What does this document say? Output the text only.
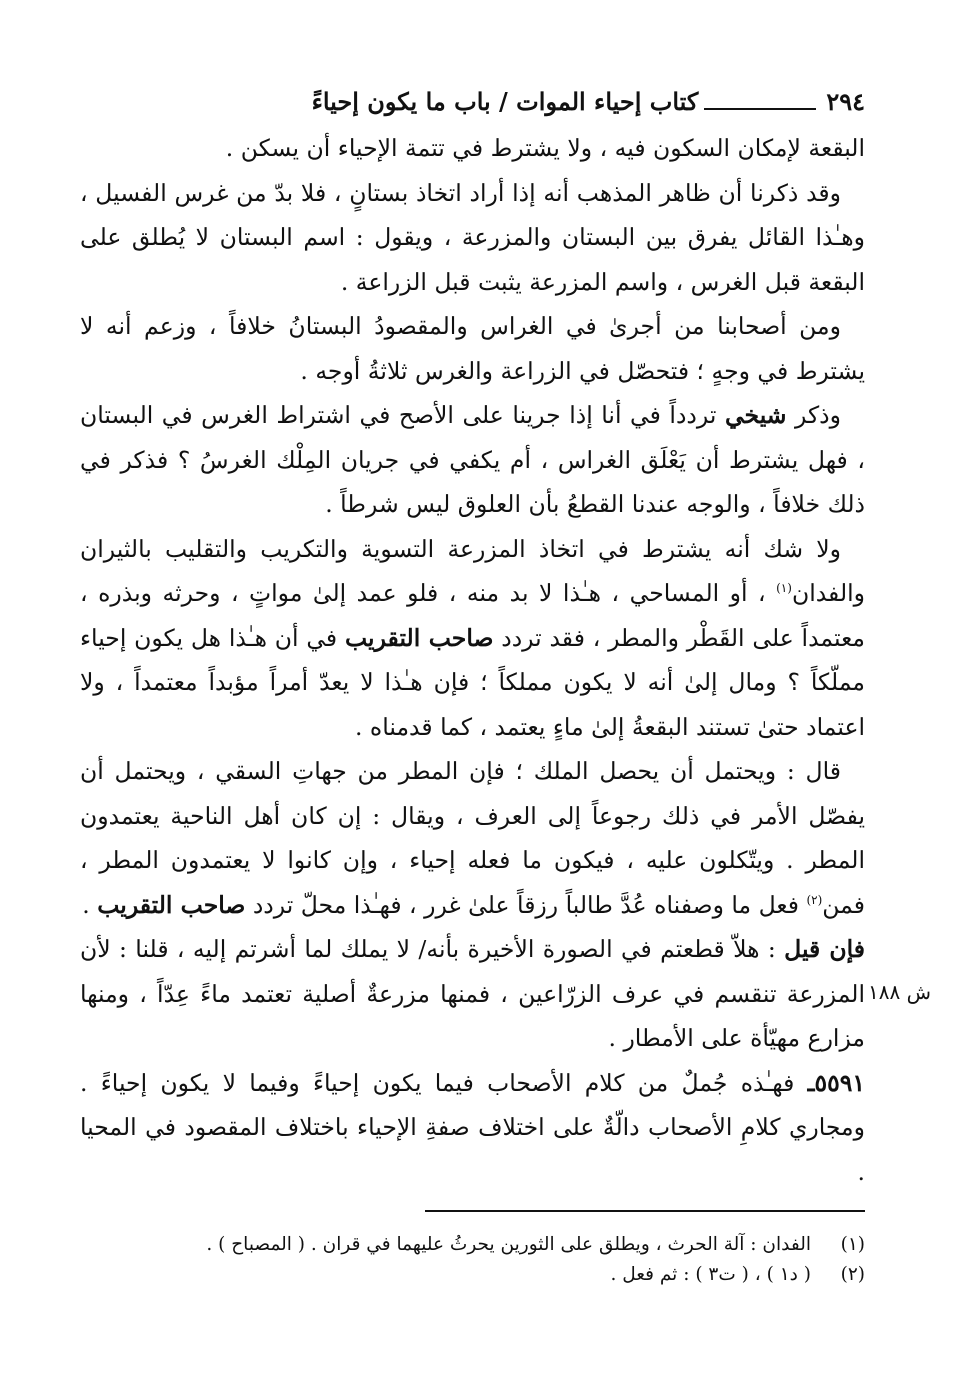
٢٩٤
كتاب إحياء الموات / باب ما يكون إحياءً

البقعة لإمكان السكون فيه ، ولا يشترط في تتمة الإحياء أن يسكن .

وقد ذكرنا أن ظاهر المذهب أنه إذا أراد اتخاذ بستانٍ ، فلا بدّ من غرس الفسيل ، وهـٰذا القائل يفرق بين البستان والمزرعة ، ويقول : اسم البستان لا يُطلق على البقعة قبل الغرس ، واسم المزرعة يثبت قبل الزراعة .

ومن أصحابنا من أجرىٰ في الغراس والمقصودُ البستانُ خلافاً ، وزعم أنه لا يشترط في وجهٍ ؛ فتحصّل في الزراعة والغرس ثلاثةُ أوجه .

وذكر شيخي تردداً في أنا إذا جرينا على الأصح في اشتراط الغرس في البستان ، فهل يشترط أن يَعْلَق الغراس ، أم يكفي في جريان المِلْك الغرسُ ؟ فذكر في ذلك خلافاً ، والوجه عندنا القطعُ بأن العلوق ليس شرطاً .

ولا شك أنه يشترط في اتخاذ المزرعة التسوية والتكريب والتقليب بالثيران والفدان$^{(١)}$ ، أو المساحي ، هـٰذا لا بد منه ، فلو عمد إلىٰ مواتٍ ، وحرثه وبذره ، معتمداً على القَطْر والمطر ، فقد تردد صاحب التقريب في أن هـٰذا هل يكون إحياء مملّكاً ؟ ومال إلىٰ أنه لا يكون مملكاً ؛ فإن هـٰذا لا يعدّ أمراً مؤبداً معتمداً ، ولا اعتماد حتىٰ تستند البقعةُ إلىٰ ماءٍ يعتمد ، كما قدمناه .

قال : ويحتمل أن يحصل الملك ؛ فإن المطر من جهاتِ السقي ، ويحتمل أن يفصّل الأمر في ذلك رجوعاً إلى العرف ، ويقال : إن كان أهل الناحية يعتمدون المطر . ويتّكلون عليه ، فيكون ما فعله إحياء ، وإن كانوا لا يعتمدون المطر ، فمن$^{(٢)}$ فعل ما وصفناه عُدَّ طالباً رزقاً علىٰ غرر ، فهـٰذا محلّ تردد صاحب التقريب .

فإن قيل : هلاّ قطعتم في الصورة الأخيرة بأنه/ لا يملك لما أشرتم إليه ، قلنا : لأن المزرعة تنقسم في عرف الزرّاعين ، فمنها مزرعةٌ أصلية تعتمد ماءً عِدّاً ، ومنها مزارع مهيّأة على الأمطار .

٥٥٩١ـ فهـٰذه جُملٌ من كلام الأصحاب فيما يكون إحياءً وفيما لا يكون إحياءً . ومجاري كلامِ الأصحاب دالّةٌ على اختلاف صفةِ الإحياء باختلاف المقصود في المحيا .

ش ١٨٨

(١)الفدان : آلة الحرث ، ويطلق على الثورين يحرثُ عليهما في قران . ( المصباح ) .

(٢)( د١ ) ، ( ت٣ ) : ثم فعل .
